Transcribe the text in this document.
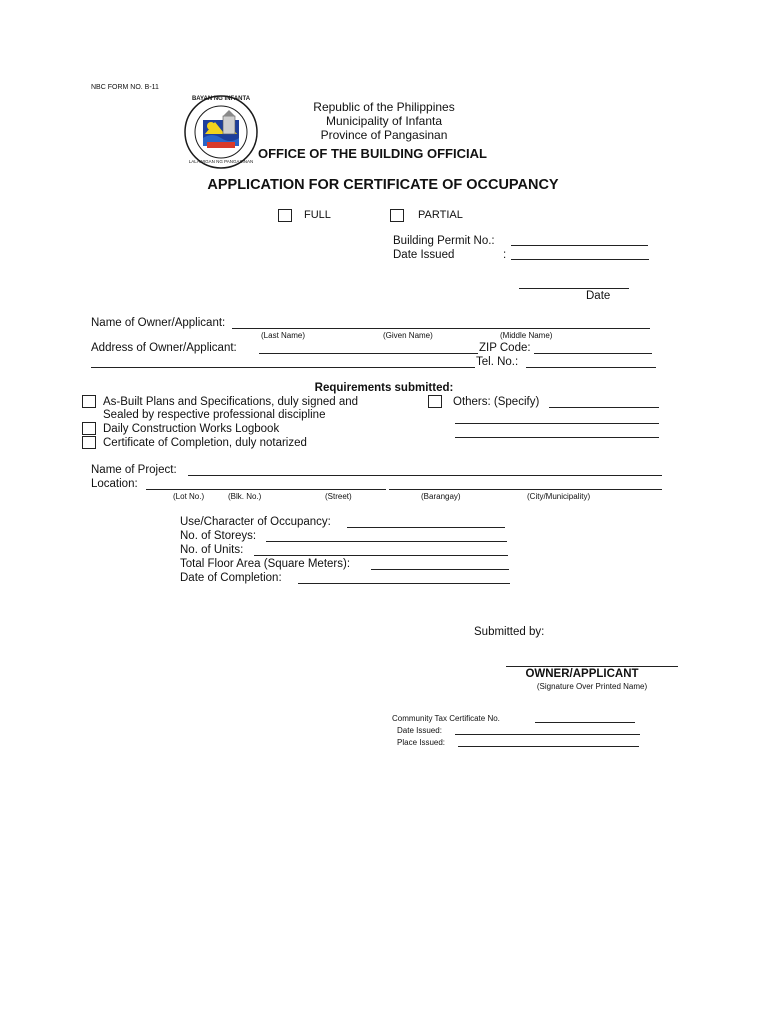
NBC FORM NO. B-11
BAYAN NG INFANTA
LALAWIGAN NG PANGASINAN
Republic of the Philippines
Municipality of Infanta
Province of Pangasinan
OFFICE OF THE BUILDING OFFICIAL
APPLICATION FOR CERTIFICATE OF OCCUPANCY
FULL	PARTIAL
Building Permit No.:
Date Issued	:
Date
Name of Owner/Applicant:
(Last Name)	(Given Name)	(Middle Name)
Address of Owner/Applicant:	ZIP Code:
Tel. No.:
Requirements submitted:
As-Built Plans and Specifications, duly signed and
Sealed by respective professional discipline
Others: (Specify)
Daily Construction Works Logbook
Certificate of Completion, duly notarized
Name of Project:
Location:
(Lot No.)	(Blk. No.)	(Street)	(Barangay)	(City/Municipality)
Use/Character of Occupancy:
No. of Storeys:
No. of Units:
Total Floor Area (Square Meters):
Date of Completion:
Submitted by:
OWNER/APPLICANT
(Signature Over Printed Name)
Community Tax Certificate No.
Date Issued:
Place Issued:
